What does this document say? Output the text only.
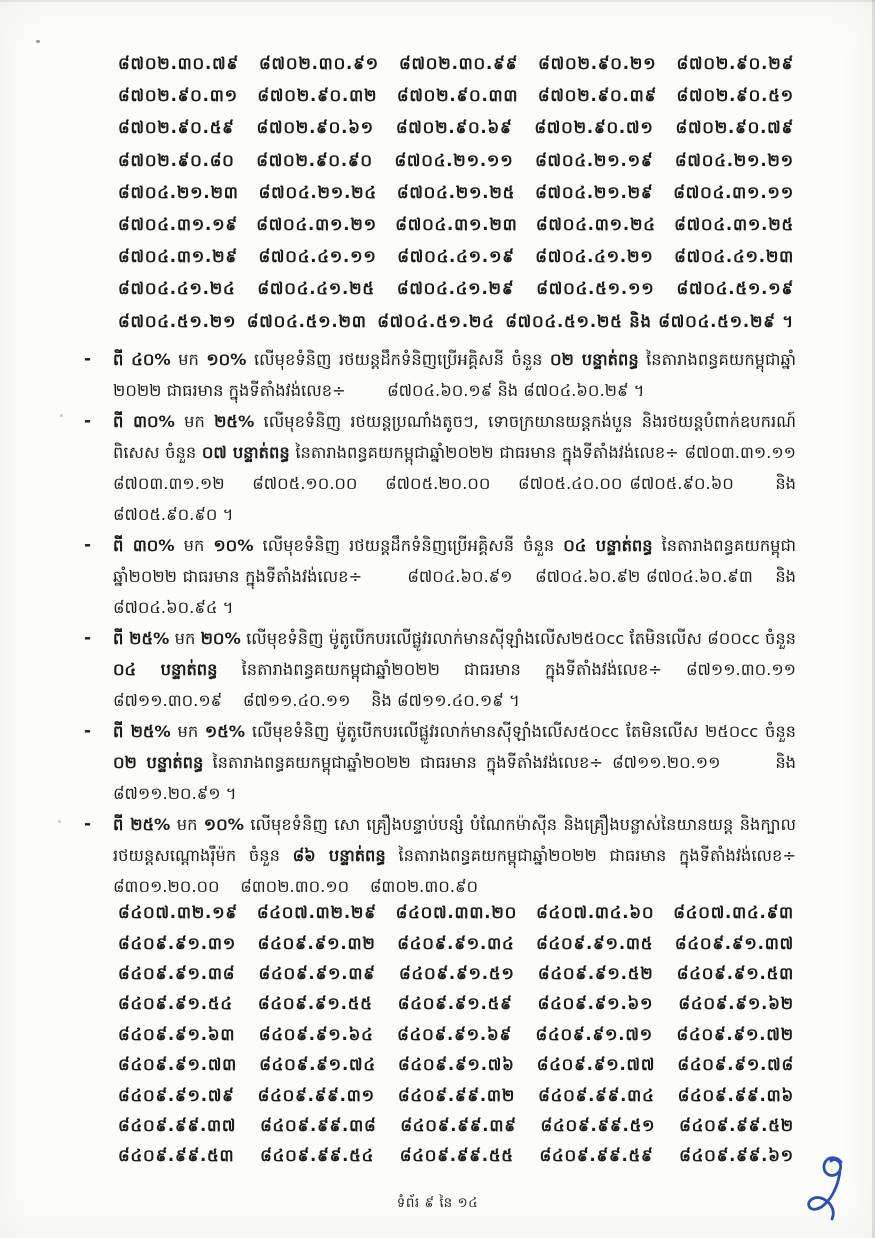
៨៧០២.៣០.៧៩ ៨៧០២.៣០.៩១ ៨៧០២.៣០.៩៩ ៨៧០២.៩០.២១ ៨៧០២.៩០.២៩
៨៧០២.៩០.៣១ ៨៧០២.៩០.៣២ ៨៧០២.៩០.៣៣ ៨៧០២.៩០.៣៩ ៨៧០២.៩០.៥១
៨៧០២.៩០.៥៩ ៨៧០២.៩០.៦១ ៨៧០២.៩០.៦៩ ៨៧០២.៩០.៧១ ៨៧០២.៩០.៧៩
៨៧០២.៩០.៨០ ៨៧០២.៩០.៩០ ៨៧០៤.២១.១១ ៨៧០៤.២១.១៩ ៨៧០៤.២១.២១
៨៧០៤.២១.២៣ ៨៧០៤.២១.២៤ ៨៧០៤.២១.២៥ ៨៧០៤.២១.២៩ ៨៧០៤.៣១.១១
៨៧០៤.៣១.១៩ ៨៧០៤.៣១.២១ ៨៧០៤.៣១.២៣ ៨៧០៤.៣១.២៤ ៨៧០៤.៣១.២៥
៨៧០៤.៣១.២៩ ៨៧០៤.៤១.១១ ៨៧០៤.៤១.១៩ ៨៧០៤.៤១.២១ ៨៧០៤.៤១.២៣
៨៧០៤.៤១.២៤ ៨៧០៤.៤១.២៥ ៨៧០៤.៤១.២៩ ៨៧០៤.៥១.១១ ៨៧០៤.៥១.១៩
៨៧០៤.៥១.២១ ៨៧០៤.៥១.២៣ ៨៧០៤.៥១.២៤ ៨៧០៤.៥១.២៥ និង ៨៧០៤.៥១.២៩ ។
-	ពី ៤០% មក ១០% លើមុខទំនិញ រថយន្តដឹកទំនិញប្រើអគ្គិសនី ចំនួន ០២ បន្ទាត់ពន្ធ នៃតារាងពន្ធគយកម្ពុជាឆ្នាំ ២០២២ ជាធរមាន ក្នុងទីតាំងវង់លេខ÷        ៨៧០៤.៦០.១៩ និង ៨៧០៤.៦០.២៩ ។

-	ពី ៣០% មក ២៥% លើមុខទំនិញ រថយន្តប្រណាំងតូចៗ, ទោចក្រយានយន្តកង់បួន និងរថយន្តបំពាក់ឧបករណ៍ពិសេស ចំនួន ០៧ បន្ទាត់ពន្ធ នៃតារាងពន្ធគយកម្ពុជាឆ្នាំ២០២២ ជាធរមាន ក្នុងទីតាំងវង់លេខ÷ ៨៧០៣.៣១.១១    ៨៧០៣.៣១.១២    ៨៧០៥.១០.០០    ៨៧០៥.២០.០០    ៨៧០៥.៤០.០០ ៨៧០៥.៩០.៦០      និង ៨៧០៥.៩០.៩០ ។

-	ពី ៣០% មក ១០% លើមុខទំនិញ រថយន្តដឹកទំនិញប្រើអគ្គិសនី ចំនួន ០៤ បន្ទាត់ពន្ធ នៃតារាងពន្ធគយកម្ពុជាឆ្នាំ២០២២ ជាធរមាន ក្នុងទីតាំងវង់លេខ÷        ៨៧០៤.៦០.៩១    ៨៧០៤.៦០.៩២ ៨៧០៤.៦០.៩៣    និង ៨៧០៤.៦០.៩៤ ។

-	ពី ២៥% មក ២០% លើមុខទំនិញ ម៉ូតូបើកបរលើផ្លូវរលាក់មានស៊ីឡាំងលើស២៥០cc តែមិនលើស ៨០០cc ចំនួន ០៤ បន្ទាត់ពន្ធ នៃតារាងពន្ធគយកម្ពុជាឆ្នាំ២០២២ ជាធរមាន ក្នុងទីតាំងវង់លេខ÷ ៨៧១១.៣០.១១    ៨៧១១.៣០.១៩    ៨៧១១.៤០.១១    និង ៨៧១១.៤០.១៩ ។

-	ពី ២៥% មក ១៥% លើមុខទំនិញ ម៉ូតូបើកបរលើផ្លូវរលាក់មានស៊ីឡាំងលើស៥០cc តែមិនលើស ២៥០cc ចំនួន ០២ បន្ទាត់ពន្ធ នៃតារាងពន្ធគយកម្ពុជាឆ្នាំ២០២២ ជាធរមាន ក្នុងទីតាំងវង់លេខ÷ ៨៧១១.២០.១១      និង ៨៧១១.២០.៩១ ។

-	ពី ២៥% មក ១០% លើមុខទំនិញ សោ គ្រឿងបន្ទាប់បន្សំ បំណែកម៉ាស៊ីន និងគ្រឿងបន្លាស់នៃយានយន្ត និងក្បាលរថយន្តសណ្ដោងរ៉ឺម៉ក ចំនួន ៨៦ បន្ទាត់ពន្ធ នៃតារាងពន្ធគយកម្ពុជាឆ្នាំ២០២២ ជាធរមាន ក្នុងទីតាំងវង់លេខ÷         ៨៣០១.២០.០០    ៨៣០២.៣០.១០    ៨៣០២.៣០.៩០

៨៤០៧.៣២.១៩ ៨៤០៧.៣២.២៩ ៨៤០៧.៣៣.២០ ៨៤០៧.៣៤.៦០ ៨៤០៧.៣៤.៩៣
៨៤០៩.៩១.៣១ ៨៤០៩.៩១.៣២ ៨៤០៩.៩១.៣៤ ៨៤០៩.៩១.៣៥ ៨៤០៩.៩១.៣៧
៨៤០៩.៩១.៣៨ ៨៤០៩.៩១.៣៩ ៨៤០៩.៩១.៥១ ៨៤០៩.៩១.៥២ ៨៤០៩.៩១.៥៣
៨៤០៩.៩១.៥៤ ៨៤០៩.៩១.៥៥ ៨៤០៩.៩១.៥៩ ៨៤០៩.៩១.៦១ ៨៤០៩.៩១.៦២
៨៤០៩.៩១.៦៣ ៨៤០៩.៩១.៦៤ ៨៤០៩.៩១.៦៩ ៨៤០៩.៩១.៧១ ៨៤០៩.៩១.៧២
៨៤០៩.៩១.៧៣ ៨៤០៩.៩១.៧៤ ៨៤០៩.៩១.៧៦ ៨៤០៩.៩១.៧៧ ៨៤០៩.៩១.៧៨
៨៤០៩.៩១.៧៩ ៨៤០៩.៩៩.៣១ ៨៤០៩.៩៩.៣២ ៨៤០៩.៩៩.៣៤ ៨៤០៩.៩៩.៣៦
៨៤០៩.៩៩.៣៧ ៨៤០៩.៩៩.៣៨ ៨៤០៩.៩៩.៣៩ ៨៤០៩.៩៩.៥១ ៨៤០៩.៩៩.៥២
៨៤០៩.៩៩.៥៣ ៨៤០៩.៩៩.៥៤ ៨៤០៩.៩៩.៥៥ ៨៤០៩.៩៩.៥៩ ៨៤០៩.៩៩.៦១
ទំព័រ ៩ នៃ ១៤
